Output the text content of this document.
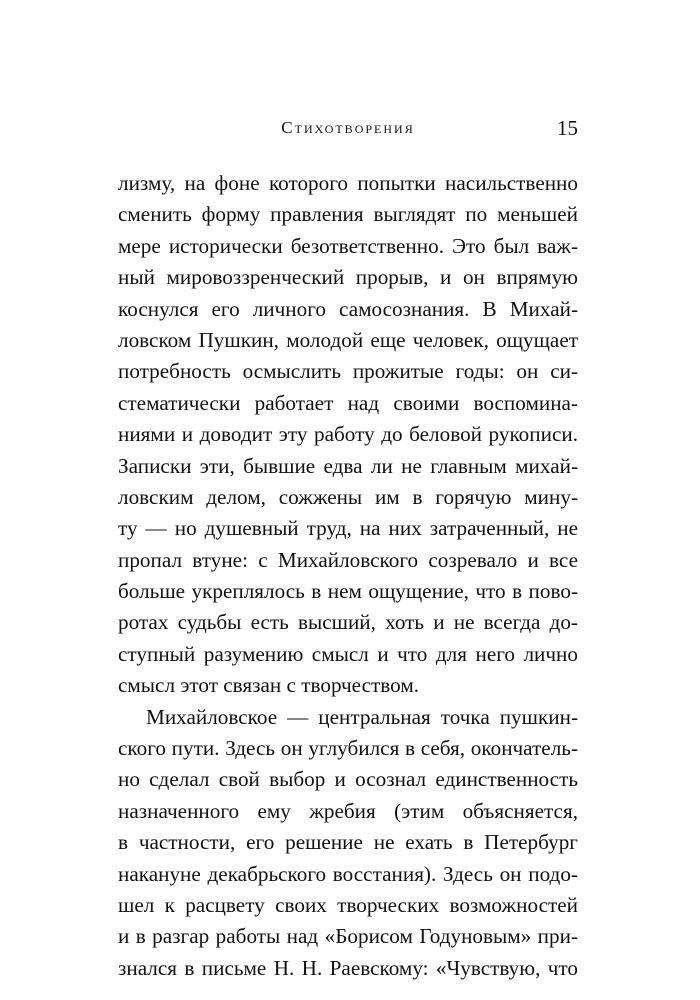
Стихотворения	15
лизму, на фоне которого попытки насильственно
сменить форму правления выглядят по меньшей
мере исторически безответственно. Это был важ-
ный мировоззренческий прорыв, и он впрямую
коснулся его личного самосознания. В Михай-
ловском Пушкин, молодой еще человек, ощущает
потребность осмыслить прожитые годы: он си-
стематически работает над своими воспомина-
ниями и доводит эту работу до беловой рукописи.
Записки эти, бывшие едва ли не главным михай-
ловским делом, сожжены им в горячую мину-
ту — но душевный труд, на них затраченный, не
пропал втуне: с Михайловского созревало и все
больше укреплялось в нем ощущение, что в пово-
ротах судьбы есть высший, хоть и не всегда до-
ступный разумению смысл и что для него лично
смысл этот связан с творчеством.
Михайловское — центральная точка пушкин-
ского пути. Здесь он углубился в себя, окончатель-
но сделал свой выбор и осознал единственность
назначенного ему жребия (этим объясняется,
в частности, его решение не ехать в Петербург
накануне декабрьского восстания). Здесь он подо-
шел к расцвету своих творческих возможностей
и в разгар работы над «Борисом Годуновым» при-
знался в письме Н. Н. Раевскому: «Чувствую, что
